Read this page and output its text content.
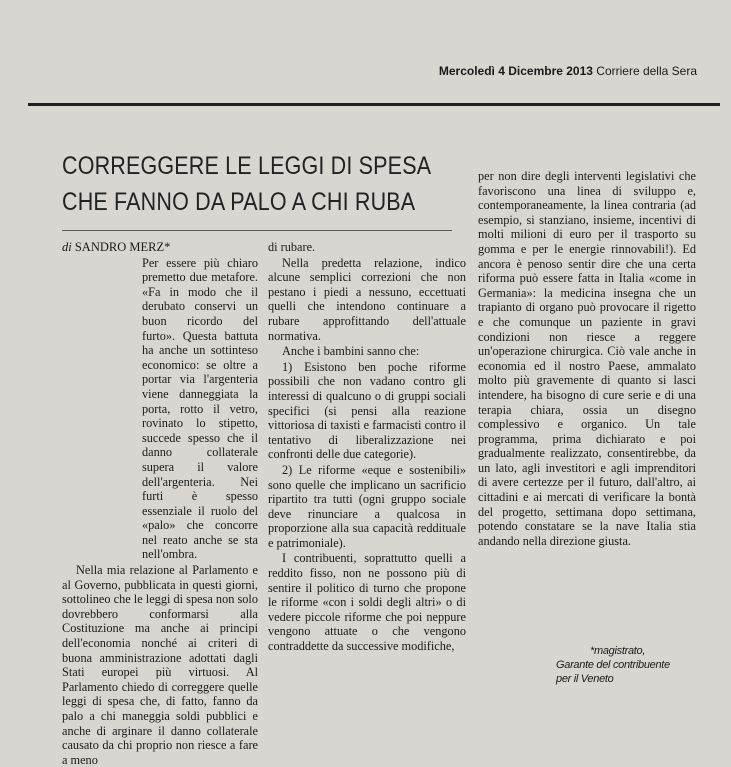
Mercoledì 4 Dicembre 2013 Corriere della Sera
CORREGGERE LE LEGGI DI SPESA
CHE FANNO DA PALO A CHI RUBA

di SANDRO MERZ*

Per essere più chiaro premetto due metafore. «Fa in modo che il derubato conservi un buon ricordo del furto». Questa battuta ha anche un sottinteso economico: se oltre a portar via l'argenteria viene danneggiata la porta, rotto il vetro, rovinato lo stipetto, succede spesso che il danno collaterale supera il valore dell'argenteria. Nei furti è spesso essenziale il ruolo del «palo» che concorre nel reato anche se sta nell'ombra.

Nella mia relazione al Parlamento e al Governo, pubblicata in questi giorni, sottolineo che le leggi di spesa non solo dovrebbero conformarsi alla Costituzione ma anche ai principi dell'economia nonché ai criteri di buona amministrazione adottati dagli Stati europei più virtuosi. Al Parlamento chiedo di correggere quelle leggi di spesa che, di fatto, fanno da palo a chi maneggia soldi pubblici e anche di arginare il danno collaterale causato da chi proprio non riesce a fare a meno

di rubare.

Nella predetta relazione, indico alcune semplici correzioni che non pestano i piedi a nessuno, eccettuati quelli che intendono continuare a rubare approfittando dell'attuale normativa.

Anche i bambini sanno che:

1) Esistono ben poche riforme possibili che non vadano contro gli interessi di qualcuno o di gruppi sociali specifici (si pensi alla reazione vittoriosa di taxisti e farmacisti contro il tentativo di liberalizzazione nei confronti delle due categorie).

2) Le riforme «eque e sostenibili» sono quelle che implicano un sacrificio ripartito tra tutti (ogni gruppo sociale deve rinunciare a qualcosa in proporzione alla sua capacità reddituale e patrimoniale).

I contribuenti, soprattutto quelli a reddito fisso, non ne possono più di sentire il politico di turno che propone le riforme «con i soldi degli altri» o di vedere piccole riforme che poi neppure vengono attuate o che vengono contraddette da successive modifiche,

per non dire degli interventi legislativi che favoriscono una linea di sviluppo e, contemporaneamente, la linea contraria (ad esempio, si stanziano, insieme, incentivi di molti milioni di euro per il trasporto su gomma e per le energie rinnovabili!). Ed ancora è penoso sentir dire che una certa riforma può essere fatta in Italia «come in Germania»: la medicina insegna che un trapianto di organo può provocare il rigetto e che comunque un paziente in gravi condizioni non riesce a reggere un'operazione chirurgica. Ciò vale anche in economia ed il nostro Paese, ammalato molto più gravemente di quanto si lasci intendere, ha bisogno di cure serie e di una terapia chiara, ossia un disegno complessivo e organico. Un tale programma, prima dichiarato e poi gradualmente realizzato, consentirebbe, da un lato, agli investitori e agli imprenditori di avere certezze per il futuro, dall'altro, ai cittadini e ai mercati di verificare la bontà del progetto, settimana dopo settimana, potendo constatare se la nave Italia stia andando nella direzione giusta.

*magistrato,
Garante del contribuente
per il Veneto
